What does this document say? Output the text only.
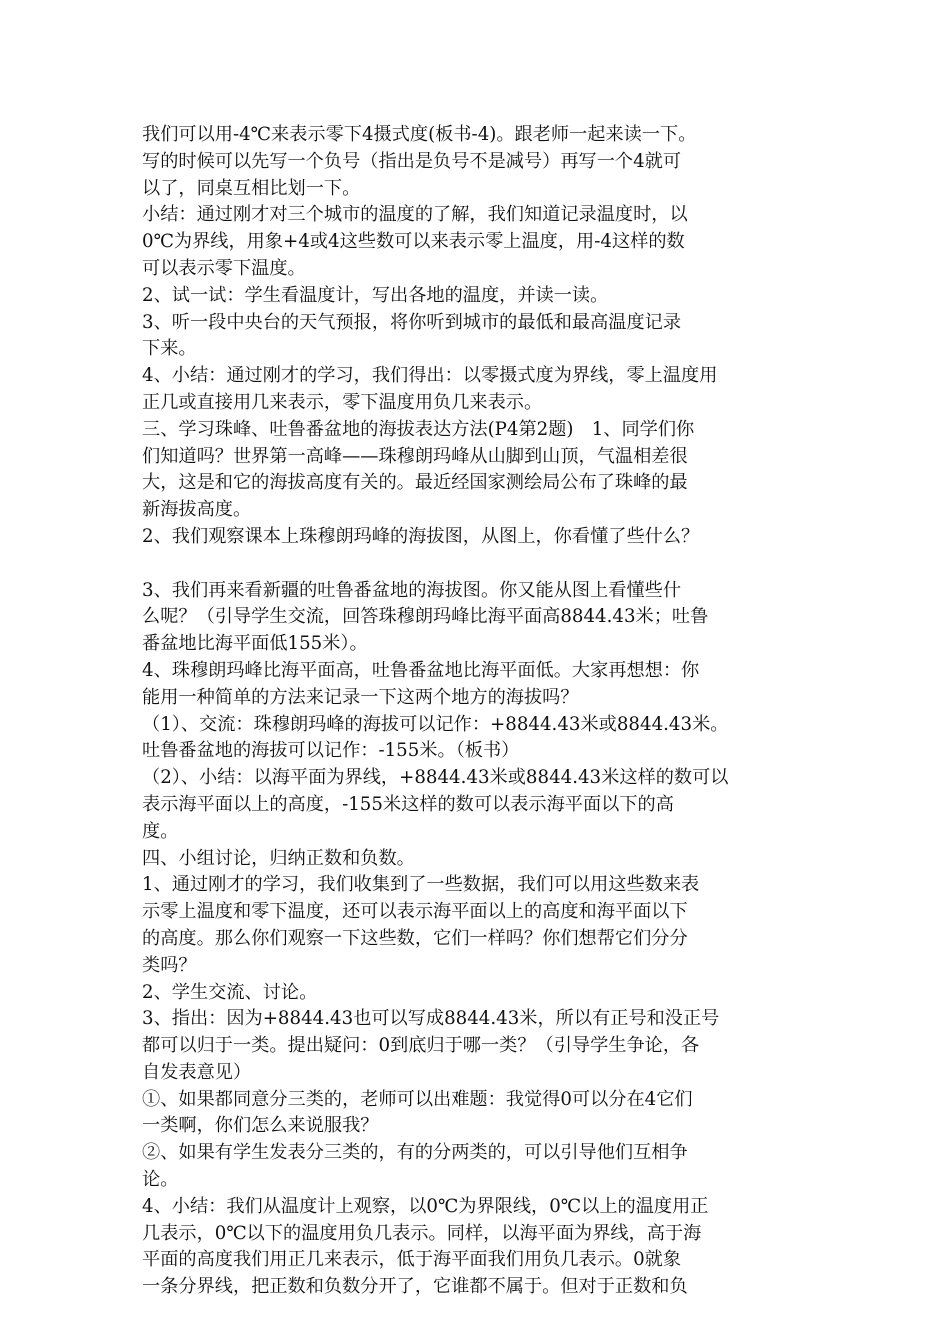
我们可以用-4℃来表示零下4摄式度(板书-4)。跟老师一起来读一下。
写的时候可以先写一个负号（指出是负号不是减号）再写一个4就可
以了，同桌互相比划一下。
小结：通过刚才对三个城市的温度的了解，我们知道记录温度时，以
0℃为界线，用象+4或4这些数可以来表示零上温度，用-4这样的数
可以表示零下温度。
2、试一试：学生看温度计，写出各地的温度，并读一读。
3、听一段中央台的天气预报，将你听到城市的最低和最高温度记录
下来。
4、小结：通过刚才的学习，我们得出：以零摄式度为界线，零上温度用
正几或直接用几来表示，零下温度用负几来表示。
三、学习珠峰、吐鲁番盆地的海拔表达方法(P4第2题)　1、同学们你
们知道吗？世界第一高峰——珠穆朗玛峰从山脚到山顶，气温相差很
大，这是和它的海拔高度有关的。最近经国家测绘局公布了珠峰的最
新海拔高度。
2、我们观察课本上珠穆朗玛峰的海拔图，从图上，你看懂了些什么？
3、我们再来看新疆的吐鲁番盆地的海拔图。你又能从图上看懂些什
么呢？（引导学生交流，回答珠穆朗玛峰比海平面高8844.43米；吐鲁
番盆地比海平面低155米）。
4、珠穆朗玛峰比海平面高，吐鲁番盆地比海平面低。大家再想想：你
能用一种简单的方法来记录一下这两个地方的海拔吗？
（1）、交流：珠穆朗玛峰的海拔可以记作：+8844.43米或8844.43米。
吐鲁番盆地的海拔可以记作：-155米。（板书）
（2）、小结：以海平面为界线，+8844.43米或8844.43米这样的数可以
表示海平面以上的高度，-155米这样的数可以表示海平面以下的高
度。
四、小组讨论，归纳正数和负数。
1、通过刚才的学习，我们收集到了一些数据，我们可以用这些数来表
示零上温度和零下温度，还可以表示海平面以上的高度和海平面以下
的高度。那么你们观察一下这些数，它们一样吗？你们想帮它们分分
类吗？
2、学生交流、讨论。
3、指出：因为+8844.43也可以写成8844.43米，所以有正号和没正号
都可以归于一类。提出疑问：0到底归于哪一类？（引导学生争论，各
自发表意见）
①、如果都同意分三类的，老师可以出难题：我觉得0可以分在4它们
一类啊，你们怎么来说服我？
②、如果有学生发表分三类的，有的分两类的，可以引导他们互相争
论。
4、小结：我们从温度计上观察，以0℃为界限线，0℃以上的温度用正
几表示，0℃以下的温度用负几表示。同样，以海平面为界线，高于海
平面的高度我们用正几来表示，低于海平面我们用负几表示。0就象
一条分界线，把正数和负数分开了，它谁都不属于。但对于正数和负
